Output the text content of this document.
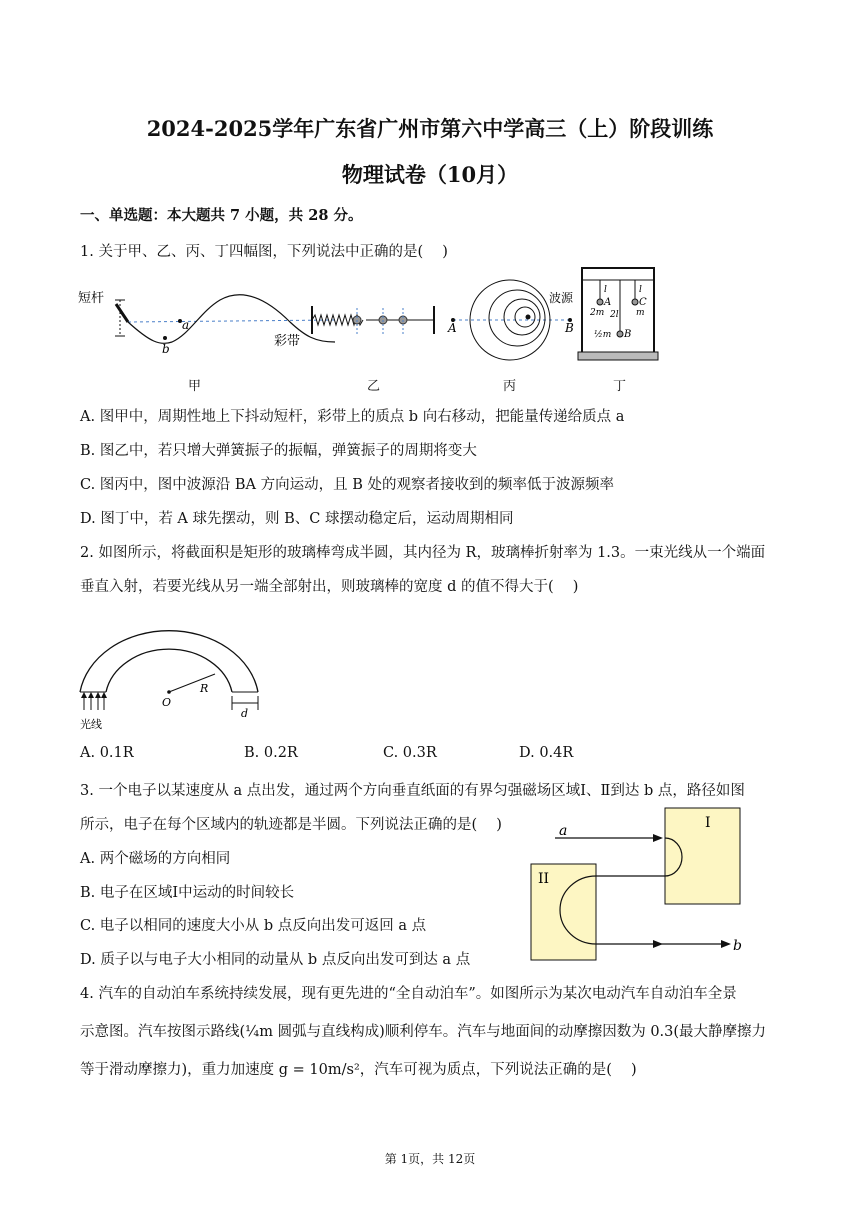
2024-2025学年广东省广州市第六中学高三（上）阶段训练
物理试卷（10月）
一、单选题：本大题共 7 小题，共 28 分。
1. 关于甲、乙、丙、丁四幅图，下列说法中正确的是(  )
短杆
a
b	彩带
A	B
波源	A
2m
l
C
m
l
B
½m
2l
甲	乙	丙	丁
A. 图甲中，周期性地上下抖动短杆，彩带上的质点 b 向右移动，把能量传递给质点 a
B. 图乙中，若只增大弹簧振子的振幅，弹簧振子的周期将变大
C. 图丙中，图中波源沿 BA 方向运动，且 B 处的观察者接收到的频率低于波源频率
D. 图丁中，若 A 球先摆动，则 B、C 球摆动稳定后，运动周期相同
2. 如图所示，将截面积是矩形的玻璃棒弯成半圆，其内径为 R，玻璃棒折射率为 1.3。一束光线从一个端面
垂直入射，若要光线从另一端全部射出，则玻璃棒的宽度 d 的值不得大于(  )
光线
R
O
d
A. 0.1R	B. 0.2R	C. 0.3R	D. 0.4R
3. 一个电子以某速度从 a 点出发，通过两个方向垂直纸面的有界匀强磁场区域Ⅰ、Ⅱ到达 b 点，路径如图
所示，电子在每个区域内的轨迹都是半圆。下列说法正确的是(  )
A. 两个磁场的方向相同
B. 电子在区域Ⅰ中运动的时间较长
C. 电子以相同的速度大小从 b 点反向出发可返回 a 点
D. 质子以与电子大小相同的动量从 b 点反向出发可到达 a 点
I
II
a
b
4. 汽车的自动泊车系统持续发展，现有更先进的“全自动泊车”。如图所示为某次电动汽车自动泊车全景
示意图。汽车按图示路线(¼m 圆弧与直线构成)顺利停车。汽车与地面间的动摩擦因数为 0.3(最大静摩擦力
等于滑动摩擦力)，重力加速度 g = 10m/s²，汽车可视为质点，下列说法正确的是(  )
第 1页，共 12页
